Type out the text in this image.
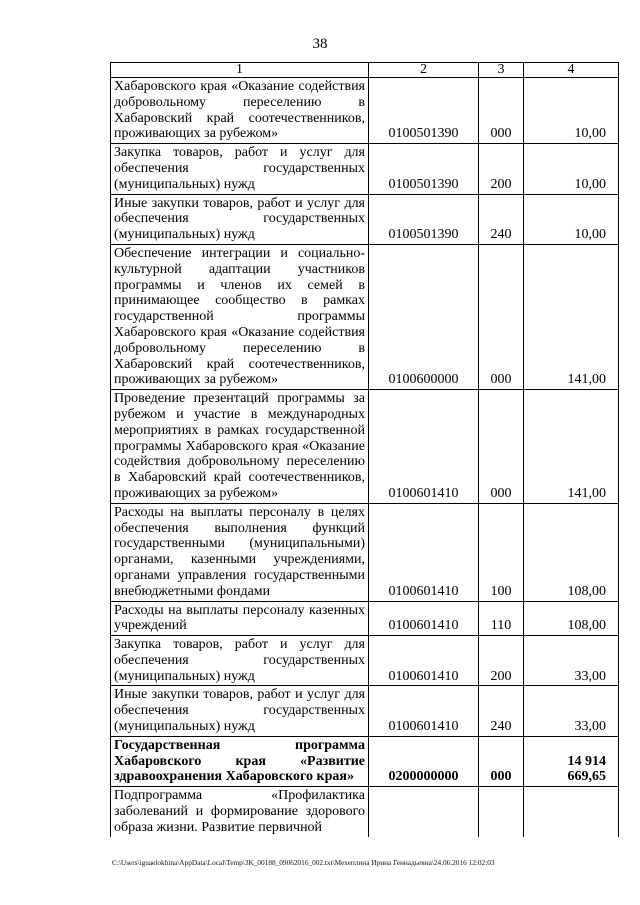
38
1	2	3	4
Хабаровского края «Оказание содействия добровольному переселению в Хабаровский край соотечественников, проживающих за рубежом»	0100501390	000	10,00
Закупка товаров, работ и услуг для обеспечения государственных (муниципальных) нужд	0100501390	200	10,00
Иные закупки товаров, работ и услуг для обеспечения государственных (муниципальных) нужд	0100501390	240	10,00
Обеспечение интеграции и социально-культурной адаптации участников программы и членов их семей в принимающее сообщество в рамках государственной программы Хабаровского края «Оказание содействия добровольному переселению в Хабаровский край соотечественников, проживающих за рубежом»	0100600000	000	141,00
Проведение презентаций программы за рубежом и участие в международных мероприятиях в рамках государственной программы Хабаровского края «Оказание содействия добровольному переселению в Хабаровский край соотечественников, проживающих за рубежом»	0100601410	000	141,00
Расходы на выплаты персоналу в целях обеспечения выполнения функций государственными (муниципальными) органами, казенными учреждениями, органами управления государственными внебюджетными фондами	0100601410	100	108,00
Расходы на выплаты персоналу казенных учреждений	0100601410	110	108,00
Закупка товаров, работ и услуг для обеспечения государственных (муниципальных) нужд	0100601410	200	33,00
Иные закупки товаров, работ и услуг для обеспечения государственных (муниципальных) нужд	0100601410	240	33,00
Государственная программа Хабаровского края «Развитие здравоохранения Хабаровского края»	0200000000	000	14 914 669,65
Подпрограмма «Профилактика заболеваний и формирование здорового образа жизни. Развитие первичной			
C:\Users\iguaelokhina\AppData\Local\Temp\3K_00188_09062016_002.txt\Мехеплина Ирина Геннадьевна\24.06.2016 12:02:03
